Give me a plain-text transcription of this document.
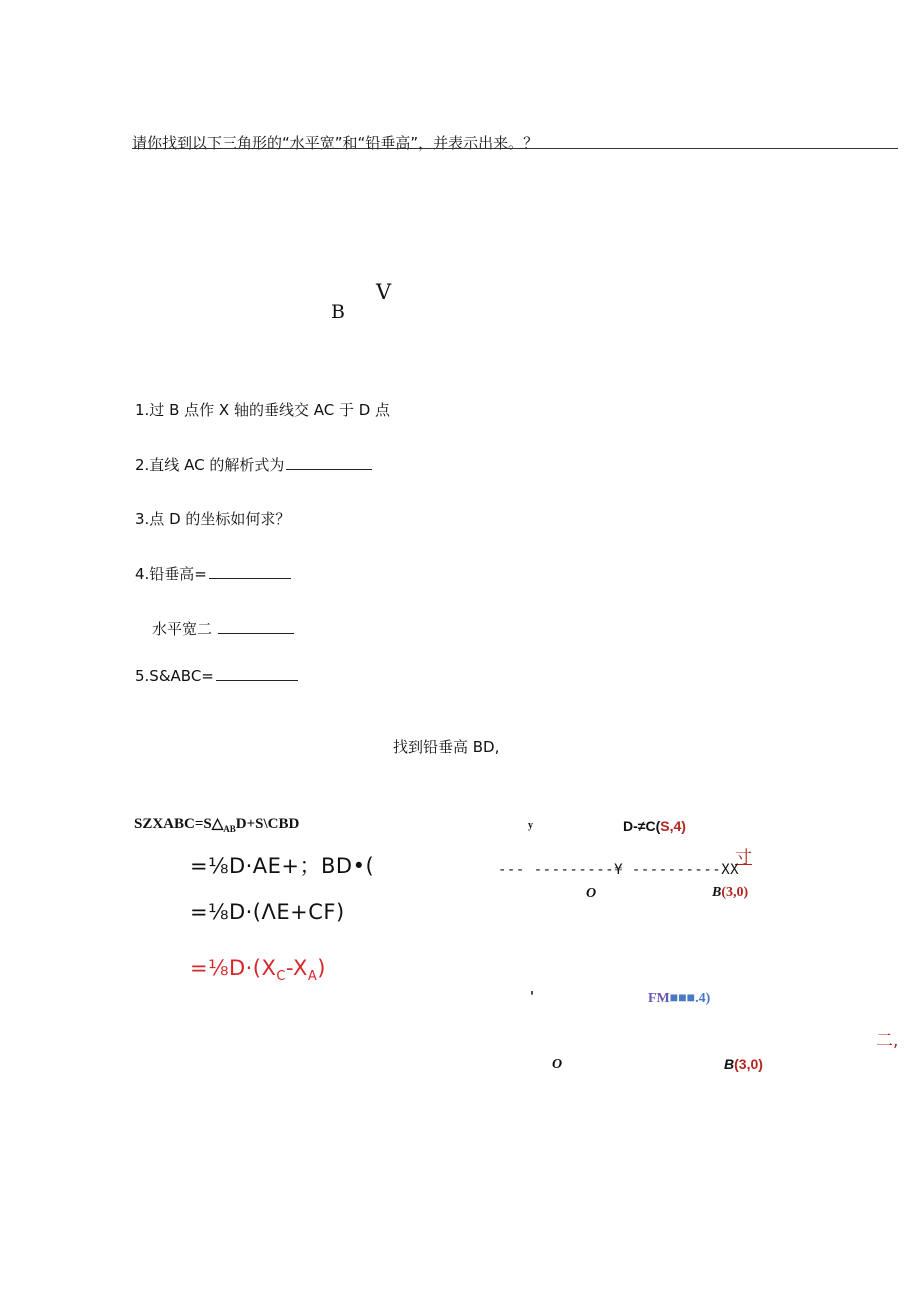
请你找到以下三角形的“水平宽”和“铅垂高”，并表示出来。？
V
B
1.过 B 点作 X 轴的垂线交 AC 于 D 点
2.直线 AC 的解析式为
3.点 D 的坐标如何求？
4.铅垂高=
水平宽二
5.S&ABC=
找到铅垂高 BD,
$SZXABC=S\triangle_{AB}D+S\backslash CBD$
=⅛D·AE+；BD•(
=⅛D·(ΛE+CF)
$=\frac{1}{8}D\cdot(X_C-X_A)$
y	D-≠C(S,4)
寸
--- ---------¥ ----------XX
O	B(3,0)
'	FM■■■.4)
二,
O	B(3,0)
